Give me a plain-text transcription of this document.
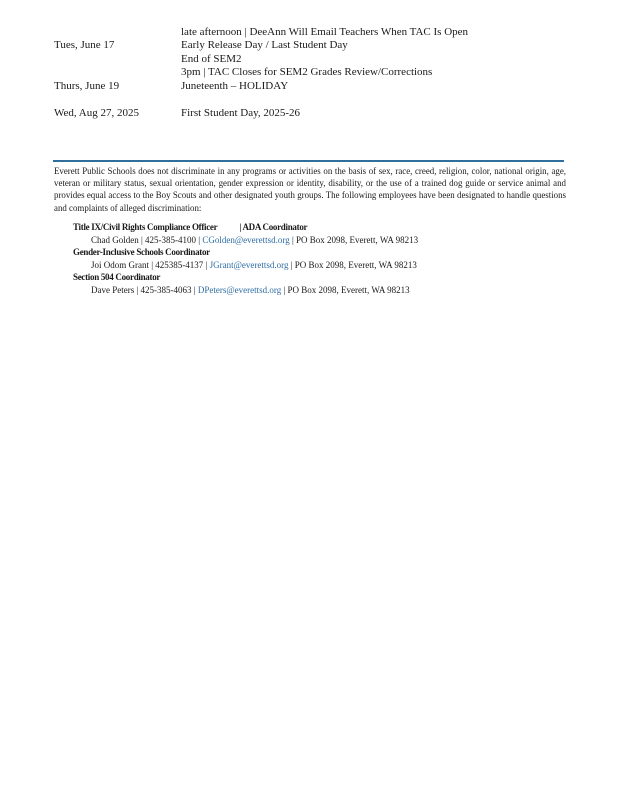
late afternoon | DeeAnn Will Email Teachers When TAC Is Open
Tues, June 17	Early Release Day / Last Student Day
End of SEM2
3pm | TAC Closes for SEM2 Grades Review/Corrections
Thurs, June 19	Juneteenth – HOLIDAY
Wed, Aug 27, 2025	First Student Day, 2025-26
Everett Public Schools does not discriminate in any programs or activities on the basis of sex, race, creed, religion, color, national origin, age, veteran or military status, sexual orientation, gender expression or identity, disability, or the use of a trained dog guide or service animal and provides equal access to the Boy Scouts and other designated youth groups. The following employees have been designated to handle questions and complaints of alleged discrimination:
Title IX/Civil Rights Compliance Officer | ADA Coordinator
Chad Golden | 425-385-4100 | CGolden@everettsd.org | PO Box 2098, Everett, WA 98213
Gender-Inclusive Schools Coordinator
Joi Odom Grant | 425385-4137 | JGrant@everettsd.org | PO Box 2098, Everett, WA 98213
Section 504 Coordinator
Dave Peters | 425-385-4063 | DPeters@everettsd.org | PO Box 2098, Everett, WA 98213
